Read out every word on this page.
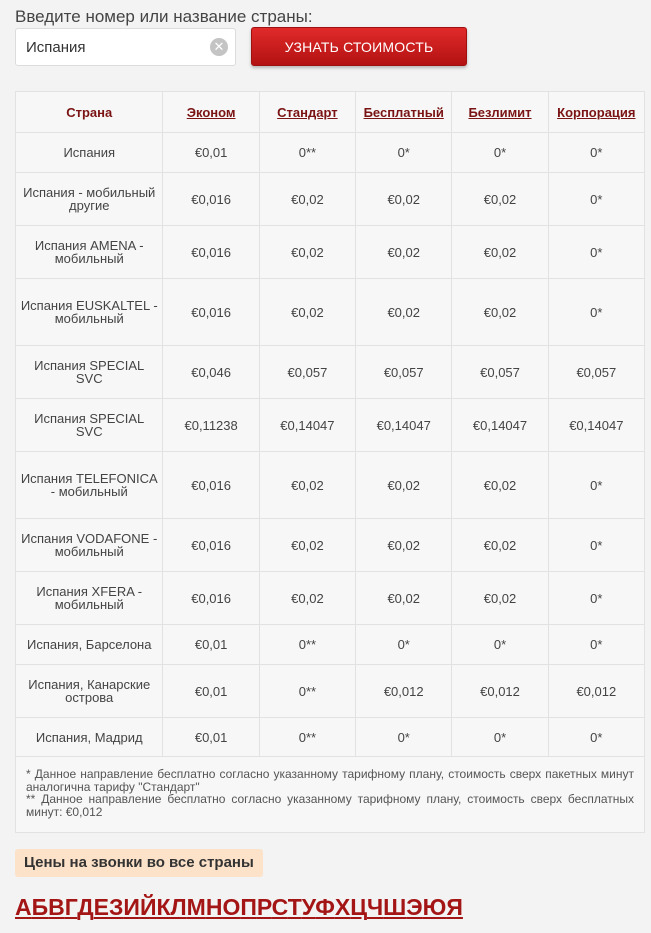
Введите номер или название страны:
Испания
✕	УЗНАТЬ СТОИМОСТЬ
Страна	Эконом	Стандарт	Бесплатный	Безлимит	Корпорация
Испания	€0,01	0**	0*	0*	0*
Испания - мобильный другие	€0,016	€0,02	€0,02	€0,02	0*
Испания AMENA - мобильный	€0,016	€0,02	€0,02	€0,02	0*
Испания EUSKALTEL - мобильный	€0,016	€0,02	€0,02	€0,02	0*
Испания SPECIAL SVC	€0,046	€0,057	€0,057	€0,057	€0,057
Испания SPECIAL SVC	€0,11238	€0,14047	€0,14047	€0,14047	€0,14047
Испания TELEFONICA - мобильный	€0,016	€0,02	€0,02	€0,02	0*
Испания VODAFONE - мобильный	€0,016	€0,02	€0,02	€0,02	0*
Испания XFERA - мобильный	€0,016	€0,02	€0,02	€0,02	0*
Испания, Барселона	€0,01	0**	0*	0*	0*
Испания, Канарские острова	€0,01	0**	€0,012	€0,012	€0,012
Испания, Мадрид	€0,01	0**	0*	0*	0*

* Данное направление бесплатно согласно указанному тарифному плану, стоимость сверх пакетных минут аналогична тарифу "Стандарт"

** Данное направление бесплатно согласно указанному тарифному плану, стоимость сверх бесплатных минут: €0,012

Цены на звонки во все страны
АБВГДЕЗИЙКЛМНОПРСТУФХЦЧШЭЮЯ
